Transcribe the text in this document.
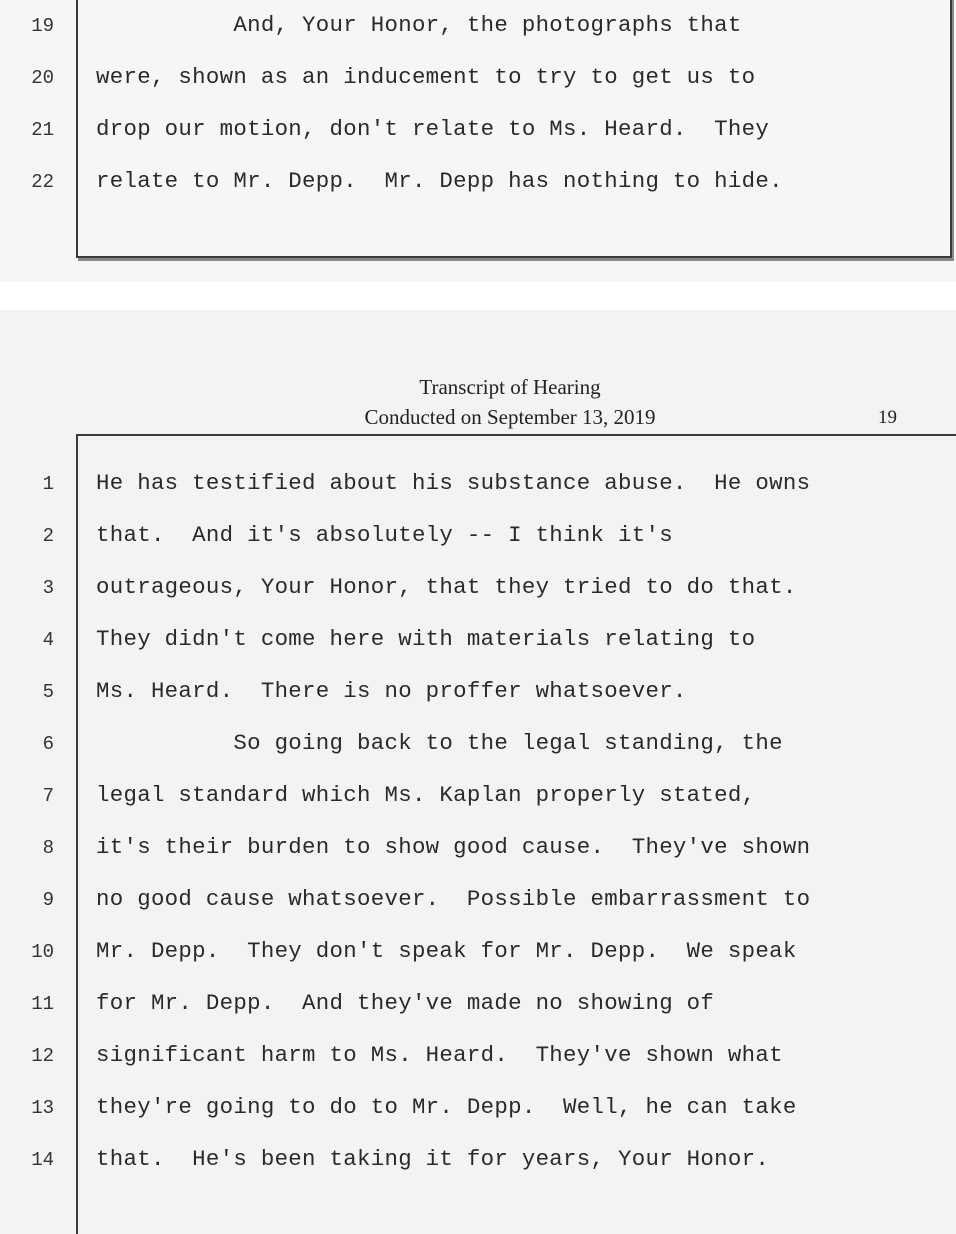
19 And, Your Honor, the photographs that
20 were, shown as an inducement to try to get us to
21 drop our motion, don't relate to Ms. Heard.  They
22 relate to Mr. Depp.  Mr. Depp has nothing to hide.
Transcript of Hearing
Conducted on September 13, 2019	19
1 He has testified about his substance abuse.  He owns
2 that.  And it's absolutely -- I think it's
3 outrageous, Your Honor, that they tried to do that.
4 They didn't come here with materials relating to
5 Ms. Heard.  There is no proffer whatsoever.
6 So going back to the legal standing, the
7 legal standard which Ms. Kaplan properly stated,
8 it's their burden to show good cause.  They've shown
9 no good cause whatsoever.  Possible embarrassment to
10 Mr. Depp.  They don't speak for Mr. Depp.  We speak
11 for Mr. Depp.  And they've made no showing of
12 significant harm to Ms. Heard.  They've shown what
13 they're going to do to Mr. Depp.  Well, he can take
14 that.  He's been taking it for years, Your Honor.
